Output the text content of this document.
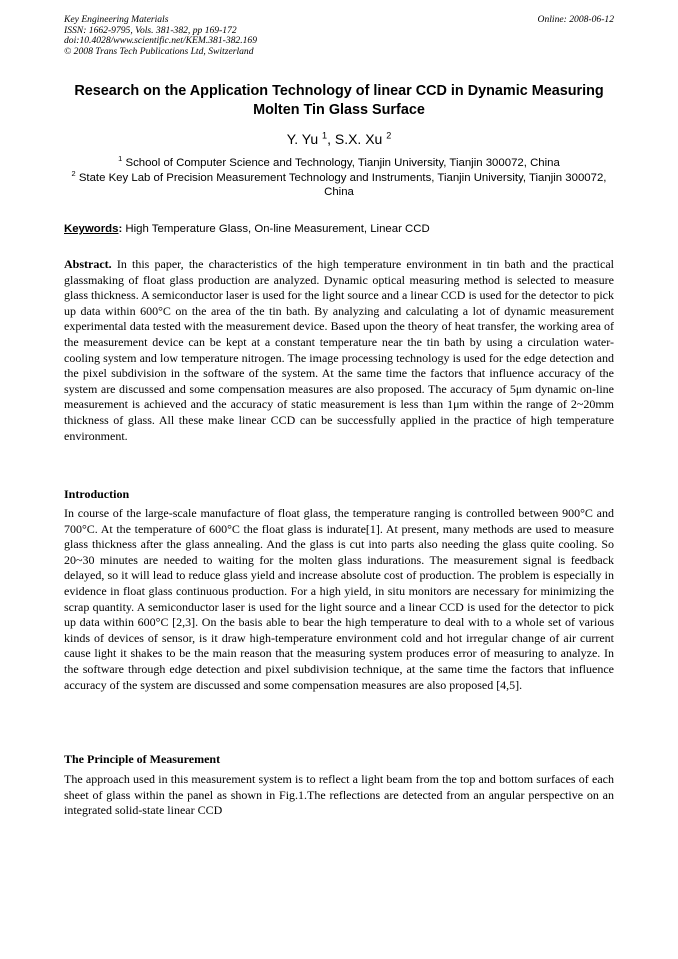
Key Engineering Materials
ISSN: 1662-9795, Vols. 381-382, pp 169-172
doi:10.4028/www.scientific.net/KEM.381-382.169
© 2008 Trans Tech Publications Ltd, Switzerland
Online: 2008-06-12
Research on the Application Technology of linear CCD in Dynamic Measuring Molten Tin Glass Surface
Y. Yu $^1$, S.X. Xu $^2$
$^1$ School of Computer Science and Technology, Tianjin University, Tianjin 300072, China
$^2$ State Key Lab of Precision Measurement Technology and Instruments, Tianjin University, Tianjin 300072, China
Keywords: High Temperature Glass, On-line Measurement, Linear CCD
Abstract. In this paper, the characteristics of the high temperature environment in tin bath and the practical glassmaking of float glass production are analyzed. Dynamic optical measuring method is selected to measure glass thickness. A semiconductor laser is used for the light source and a linear CCD is used for the detector to pick up data within 600°C on the area of the tin bath. By analyzing and calculating a lot of dynamic measurement experimental data tested with the measurement device. Based upon the theory of heat transfer, the working area of the measurement device can be kept at a constant temperature near the tin bath by using a circulation water-cooling system and low temperature nitrogen. The image processing technology is used for the edge detection and the pixel subdivision in the software of the system. At the same time the factors that influence accuracy of the system are discussed and some compensation measures are also proposed. The accuracy of 5μm dynamic on-line measurement is achieved and the accuracy of static measurement is less than 1μm within the range of 2~20mm thickness of glass. All these make linear CCD can be successfully applied in the practice of high temperature environment.
Introduction
In course of the large-scale manufacture of float glass, the temperature ranging is controlled between 900°C and 700°C. At the temperature of 600°C the float glass is indurate[1]. At present, many methods are used to measure glass thickness after the glass annealing. And the glass is cut into parts also needing the glass quite cooling. So 20~30 minutes are needed to waiting for the molten glass indurations. The measurement signal is feedback delayed, so it will lead to reduce glass yield and increase absolute cost of production. The problem is especially in evidence in float glass continuous production. For a high yield, in situ monitors are necessary for minimizing the scrap quantity. A semiconductor laser is used for the light source and a linear CCD is used for the detector to pick up data within 600°C [2,3]. On the basis able to bear the high temperature to deal with to a whole set of various kinds of devices of sensor, is it draw high-temperature environment cold and hot irregular change of air current cause light it shakes to be the main reason that the measuring system produces error of measuring to analyze. In the software through edge detection and pixel subdivision technique, at the same time the factors that influence accuracy of the system are discussed and some compensation measures are also proposed [4,5].
The Principle of Measurement
The approach used in this measurement system is to reflect a light beam from the top and bottom surfaces of each sheet of glass within the panel as shown in Fig.1.The reflections are detected from an angular perspective on an integrated solid-state linear CCD
